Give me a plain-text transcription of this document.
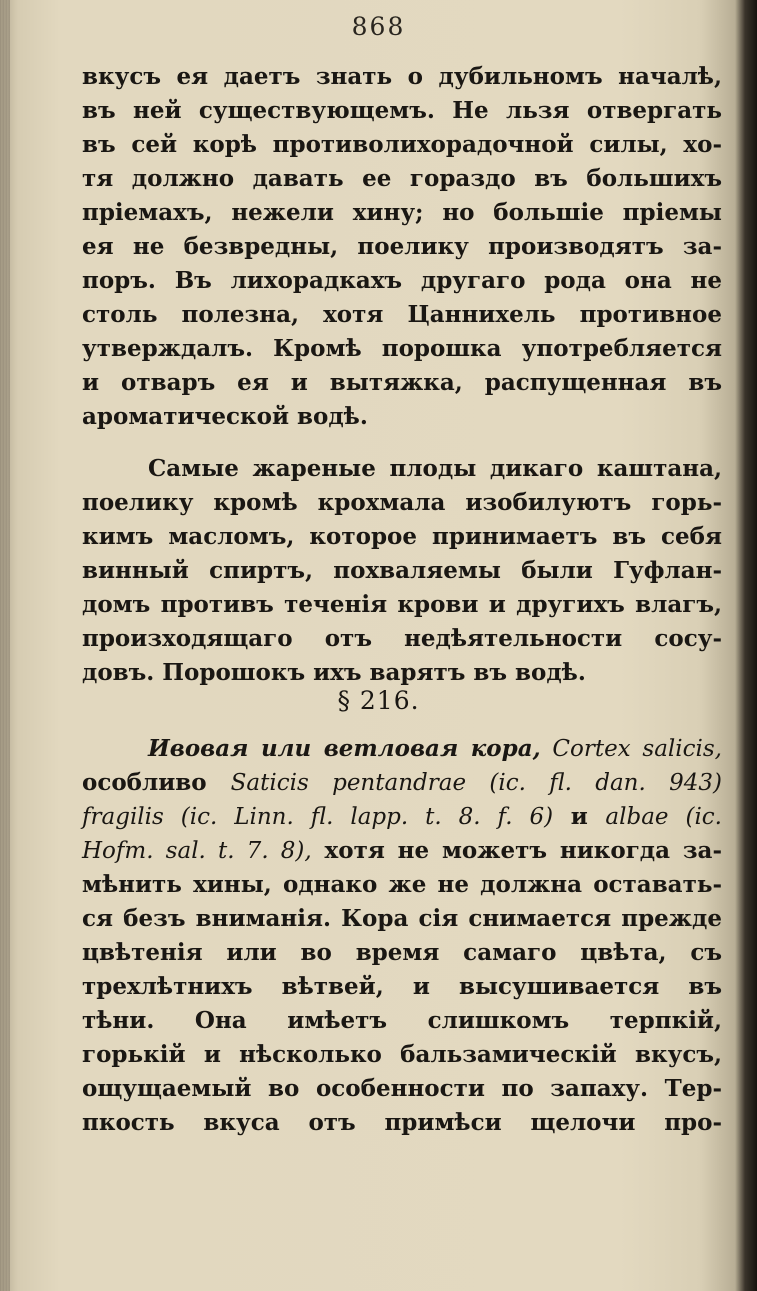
868
вкусъ ея даетъ знать о дубильномъ началѣ,
въ ней существующемъ. Не льзя отвергать
въ сей корѣ противолихорадочной силы, хо-
тя должно давать ее гораздо въ большихъ
пріемахъ, нежели хину; но большіе пріемы
ея не безвредны, поелику производятъ за-
поръ. Въ лихорадкахъ другаго рода она не
столь полезна, хотя Цаннихель противное
утверждалъ. Кромѣ порошка употребляется
и отваръ ея и вытяжка, распущенная въ
ароматической водѣ.
Самые жареные плоды дикаго каштана,
поелику кромѣ крохмала изобилуютъ горь-
кимъ масломъ, которое принимаетъ въ себя
винный спиртъ, похваляемы были Гуфлан-
домъ противъ теченія крови и другихъ влагъ,
произходящаго отъ недѣятельности сосу-
довъ. Порошокъ ихъ варятъ въ водѣ.
§ 216.
Ивовая или ветловая кора, Cortex salicis,
особливо Saticis pentandrae (ic. fl. dan. 943)
fragilis (ic. Linn. fl. lapp. t. 8. f. 6) и albae (ic.
Hofm. sal. t. 7. 8), хотя не можетъ никогда за-
мѣнить хины, однако же не должна оставать-
ся безъ вниманія. Кора сія снимается прежде
цвѣтенія или во время самаго цвѣта, съ
трехлѣтнихъ вѣтвей, и высушивается въ
тѣни. Она имѣетъ слишкомъ терпкій,
горькій и нѣсколько бальзамическій вкусъ,
ощущаемый во особенности по запаху. Тер-
пкость вкуса отъ примѣси щелочи про-
